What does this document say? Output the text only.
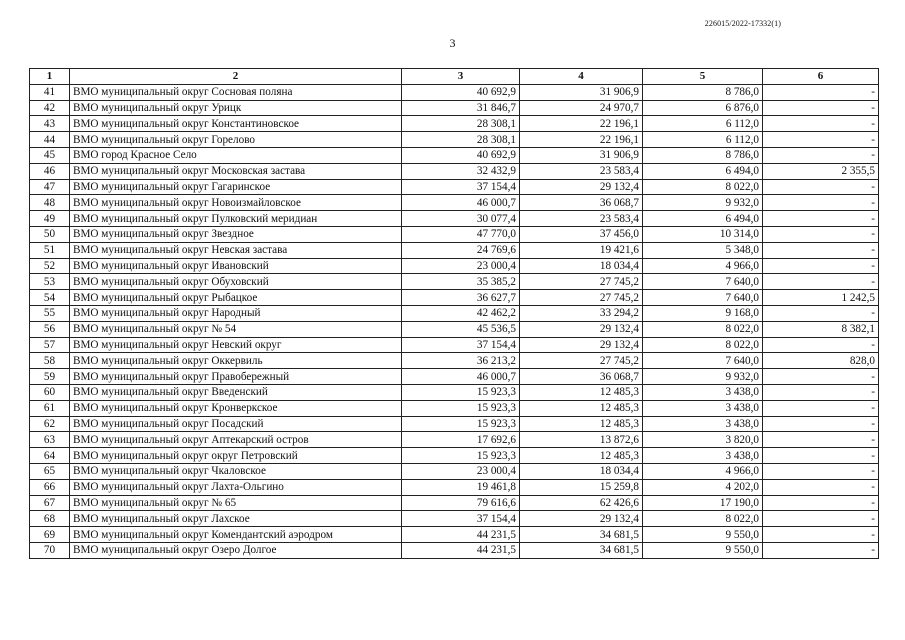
226015/2022-17332(1)
3
1	2	3	4	5	6
41	ВМО муниципальный округ Сосновая поляна	40 692,9	31 906,9	8 786,0	-
42	ВМО муниципальный округ Урицк	31 846,7	24 970,7	6 876,0	-
43	ВМО муниципальный округ Константиновское	28 308,1	22 196,1	6 112,0	-
44	ВМО муниципальный округ Горелово	28 308,1	22 196,1	6 112,0	-
45	ВМО город Красное Село	40 692,9	31 906,9	8 786,0	-
46	ВМО муниципальный округ Московская застава	32 432,9	23 583,4	6 494,0	2 355,5
47	ВМО муниципальный округ Гагаринское	37 154,4	29 132,4	8 022,0	-
48	ВМО муниципальный округ Новоизмайловское	46 000,7	36 068,7	9 932,0	-
49	ВМО муниципальный округ Пулковский меридиан	30 077,4	23 583,4	6 494,0	-
50	ВМО муниципальный округ Звездное	47 770,0	37 456,0	10 314,0	-
51	ВМО муниципальный округ Невская застава	24 769,6	19 421,6	5 348,0	-
52	ВМО муниципальный округ Ивановский	23 000,4	18 034,4	4 966,0	-
53	ВМО муниципальный округ Обуховский	35 385,2	27 745,2	7 640,0	-
54	ВМО муниципальный округ Рыбацкое	36 627,7	27 745,2	7 640,0	1 242,5
55	ВМО муниципальный округ Народный	42 462,2	33 294,2	9 168,0	-
56	ВМО муниципальный округ № 54	45 536,5	29 132,4	8 022,0	8 382,1
57	ВМО муниципальный округ Невский округ	37 154,4	29 132,4	8 022,0	-
58	ВМО муниципальный округ Оккервиль	36 213,2	27 745,2	7 640,0	828,0
59	ВМО муниципальный округ Правобережный	46 000,7	36 068,7	9 932,0	-
60	ВМО муниципальный округ Введенский	15 923,3	12 485,3	3 438,0	-
61	ВМО муниципальный округ Кронверкское	15 923,3	12 485,3	3 438,0	-
62	ВМО муниципальный округ Посадский	15 923,3	12 485,3	3 438,0	-
63	ВМО муниципальный округ Аптекарский остров	17 692,6	13 872,6	3 820,0	-
64	ВМО муниципальный округ округ Петровский	15 923,3	12 485,3	3 438,0	-
65	ВМО муниципальный округ Чкаловское	23 000,4	18 034,4	4 966,0	-
66	ВМО муниципальный округ Лахта-Ольгино	19 461,8	15 259,8	4 202,0	-
67	ВМО муниципальный округ № 65	79 616,6	62 426,6	17 190,0	-
68	ВМО муниципальный округ Лахское	37 154,4	29 132,4	8 022,0	-
69	ВМО муниципальный округ Комендантский аэродром	44 231,5	34 681,5	9 550,0	-
70	ВМО муниципальный округ Озеро Долгое	44 231,5	34 681,5	9 550,0	-
